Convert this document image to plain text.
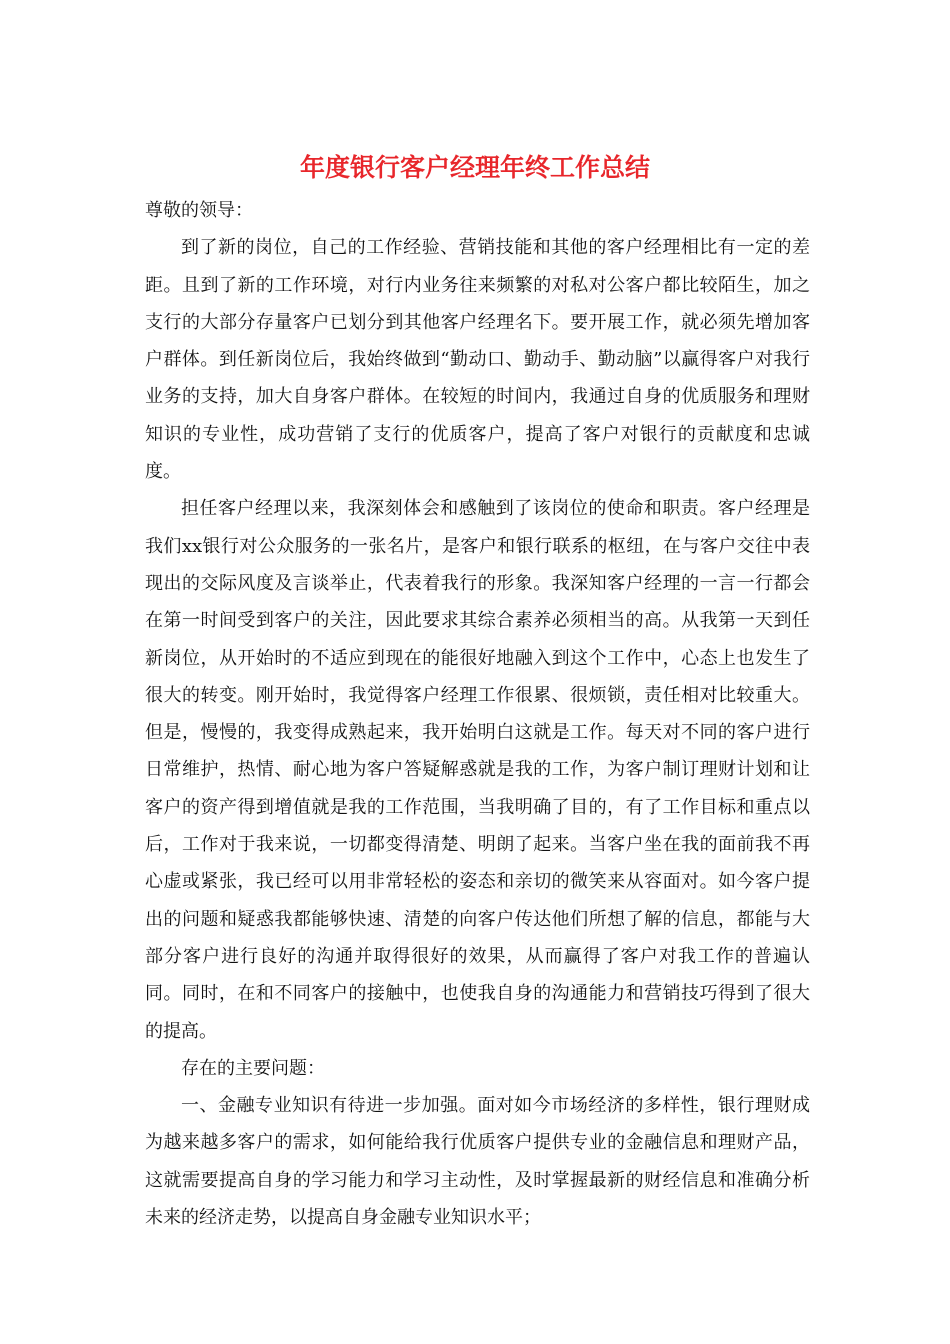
年度银行客户经理年终工作总结

尊敬的领导：

到了新的岗位，自己的工作经验、营销技能和其他的客户经理相比有一定的差距。且到了新的工作环境，对行内业务往来频繁的对私对公客户都比较陌生，加之支行的大部分存量客户已划分到其他客户经理名下。要开展工作，就必须先增加客户群体。到任新岗位后，我始终做到“勤动口、勤动手、勤动脑”以赢得客户对我行业务的支持，加大自身客户群体。在较短的时间内，我通过自身的优质服务和理财知识的专业性，成功营销了支行的优质客户，提高了客户对银行的贡献度和忠诚度。

担任客户经理以来，我深刻体会和感触到了该岗位的使命和职责。客户经理是我们xx银行对公众服务的一张名片，是客户和银行联系的枢纽，在与客户交往中表现出的交际风度及言谈举止，代表着我行的形象。我深知客户经理的一言一行都会在第一时间受到客户的关注，因此要求其综合素养必须相当的高。从我第一天到任新岗位，从开始时的不适应到现在的能很好地融入到这个工作中，心态上也发生了很大的转变。刚开始时，我觉得客户经理工作很累、很烦锁，责任相对比较重大。但是，慢慢的，我变得成熟起来，我开始明白这就是工作。每天对不同的客户进行日常维护，热情、耐心地为客户答疑解惑就是我的工作，为客户制订理财计划和让客户的资产得到增值就是我的工作范围，当我明确了目的，有了工作目标和重点以后，工作对于我来说，一切都变得清楚、明朗了起来。当客户坐在我的面前我不再心虚或紧张，我已经可以用非常轻松的姿态和亲切的微笑来从容面对。如今客户提出的问题和疑惑我都能够快速、清楚的向客户传达他们所想了解的信息，都能与大部分客户进行良好的沟通并取得很好的效果，从而赢得了客户对我工作的普遍认同。同时，在和不同客户的接触中，也使我自身的沟通能力和营销技巧得到了很大的提高。

存在的主要问题：

一、金融专业知识有待进一步加强。面对如今市场经济的多样性，银行理财成为越来越多客户的需求，如何能给我行优质客户提供专业的金融信息和理财产品，这就需要提高自身的学习能力和学习主动性，及时掌握最新的财经信息和准确分析未来的经济走势，以提高自身金融专业知识水平；
